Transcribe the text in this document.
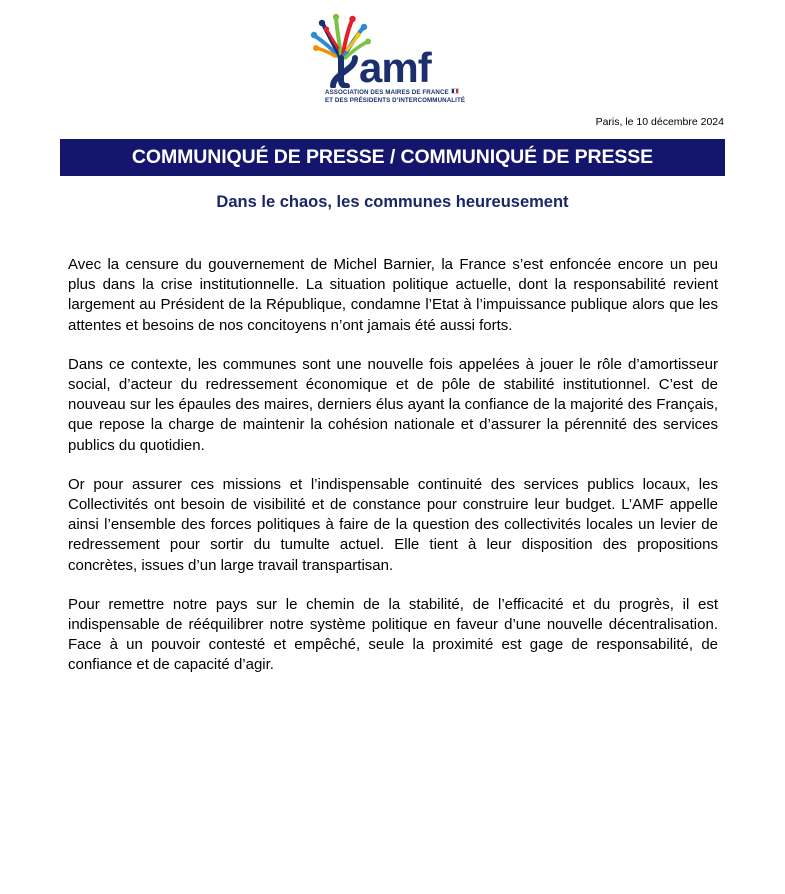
amf
ASSOCIATION DES MAIRES DE FRANCE
ET DES PRÉSIDENTS D’INTERCOMMUNALITÉ
Paris, le 10 décembre 2024
COMMUNIQUÉ DE PRESSE / COMMUNIQUÉ DE PRESSE
Dans le chaos, les communes heureusement

Avec la censure du gouvernement de Michel Barnier, la France s’est enfoncée encore un peu plus dans la crise institutionnelle. La situation politique actuelle, dont la responsabilité revient largement au Président de la République, condamne l’Etat à l’impuissance publique alors que les attentes et besoins de nos concitoyens n’ont jamais été aussi forts.

Dans ce contexte, les communes sont une nouvelle fois appelées à jouer le rôle d’amortisseur social, d’acteur du redressement économique et de pôle de stabilité institutionnel. C’est de nouveau sur les épaules des maires, derniers élus ayant la confiance de la majorité des Français, que repose la charge de maintenir la cohésion nationale et d’assurer la pérennité des services publics du quotidien.

Or pour assurer ces missions et l’indispensable continuité des services publics locaux, les Collectivités ont besoin de visibilité et de constance pour construire leur budget. L’AMF appelle ainsi l’ensemble des forces politiques à faire de la question des collectivités locales un levier de redressement pour sortir du tumulte actuel. Elle tient à leur disposition des propositions concrètes, issues d’un large travail transpartisan.

Pour remettre notre pays sur le chemin de la stabilité, de l’efficacité et du progrès, il est indispensable de rééquilibrer notre système politique en faveur d’une nouvelle décentralisation. Face à un pouvoir contesté et empêché, seule la proximité est gage de responsabilité, de confiance et de capacité d’agir.
